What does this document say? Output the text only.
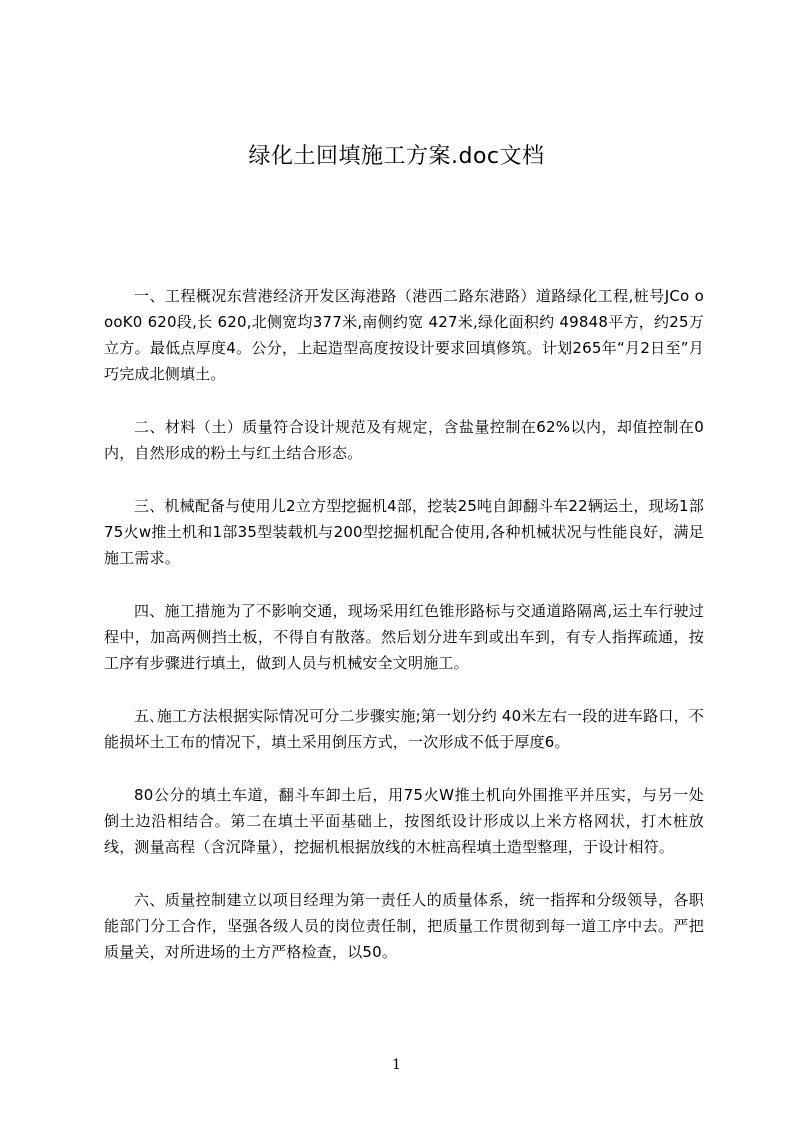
绿化土回填施工方案.doc文档

一、工程概况东营港经济开发区海港路（港西二路东港路）道路绿化工程,桩号JCo oooK0 620段,长 620,北侧宽均377米,南侧约宽 427米,绿化面积约 49848平方，约25万立方。最低点厚度4。公分，上起造型高度按设计要求回填修筑。计划265年“月2日至”月巧完成北侧填土。

二、材料（土）质量符合设计规范及有规定，含盐量控制在62%以内，却值控制在0内，自然形成的粉土与红土结合形态。

三、机械配备与使用儿2立方型挖掘机4部，挖装25吨自卸翻斗车22辆运土，现场1部75火w推土机和1部35型装载机与200型挖掘机配合使用,各种机械状况与性能良好，满足施工需求。

四、施工措施为了不影响交通，现场采用红色锥形路标与交通道路隔离,运土车行驶过程中，加高两侧挡土板，不得自有散落。然后划分进车到或出车到，有专人指挥疏通，按工序有步骤进行填土，做到人员与机械安全文明施工。

五､施工方法根据实际情况可分二步骤实施;第一划分约 40米左右一段的进车路口，不能损坏土工布的情况下，填土采用倒压方式，一次形成不低于厚度6。

80公分的填土车道，翻斗车卸土后，用75火W推土机向外围推平并压实，与另一处倒土边沿相结合。第二在填土平面基础上，按图纸设计形成以上米方格网状，打木桩放线，测量高程（含沉降量），挖掘机根据放线的木桩高程填土造型整理，于设计相符。

六、质量控制建立以项目经理为第一责任人的质量体系，统一指挥和分级领导，各职能部门分工合作，坚强各级人员的岗位责任制，把质量工作贯彻到每一道工序中去。严把质量关，对所进场的土方严格检查，以50。

1
